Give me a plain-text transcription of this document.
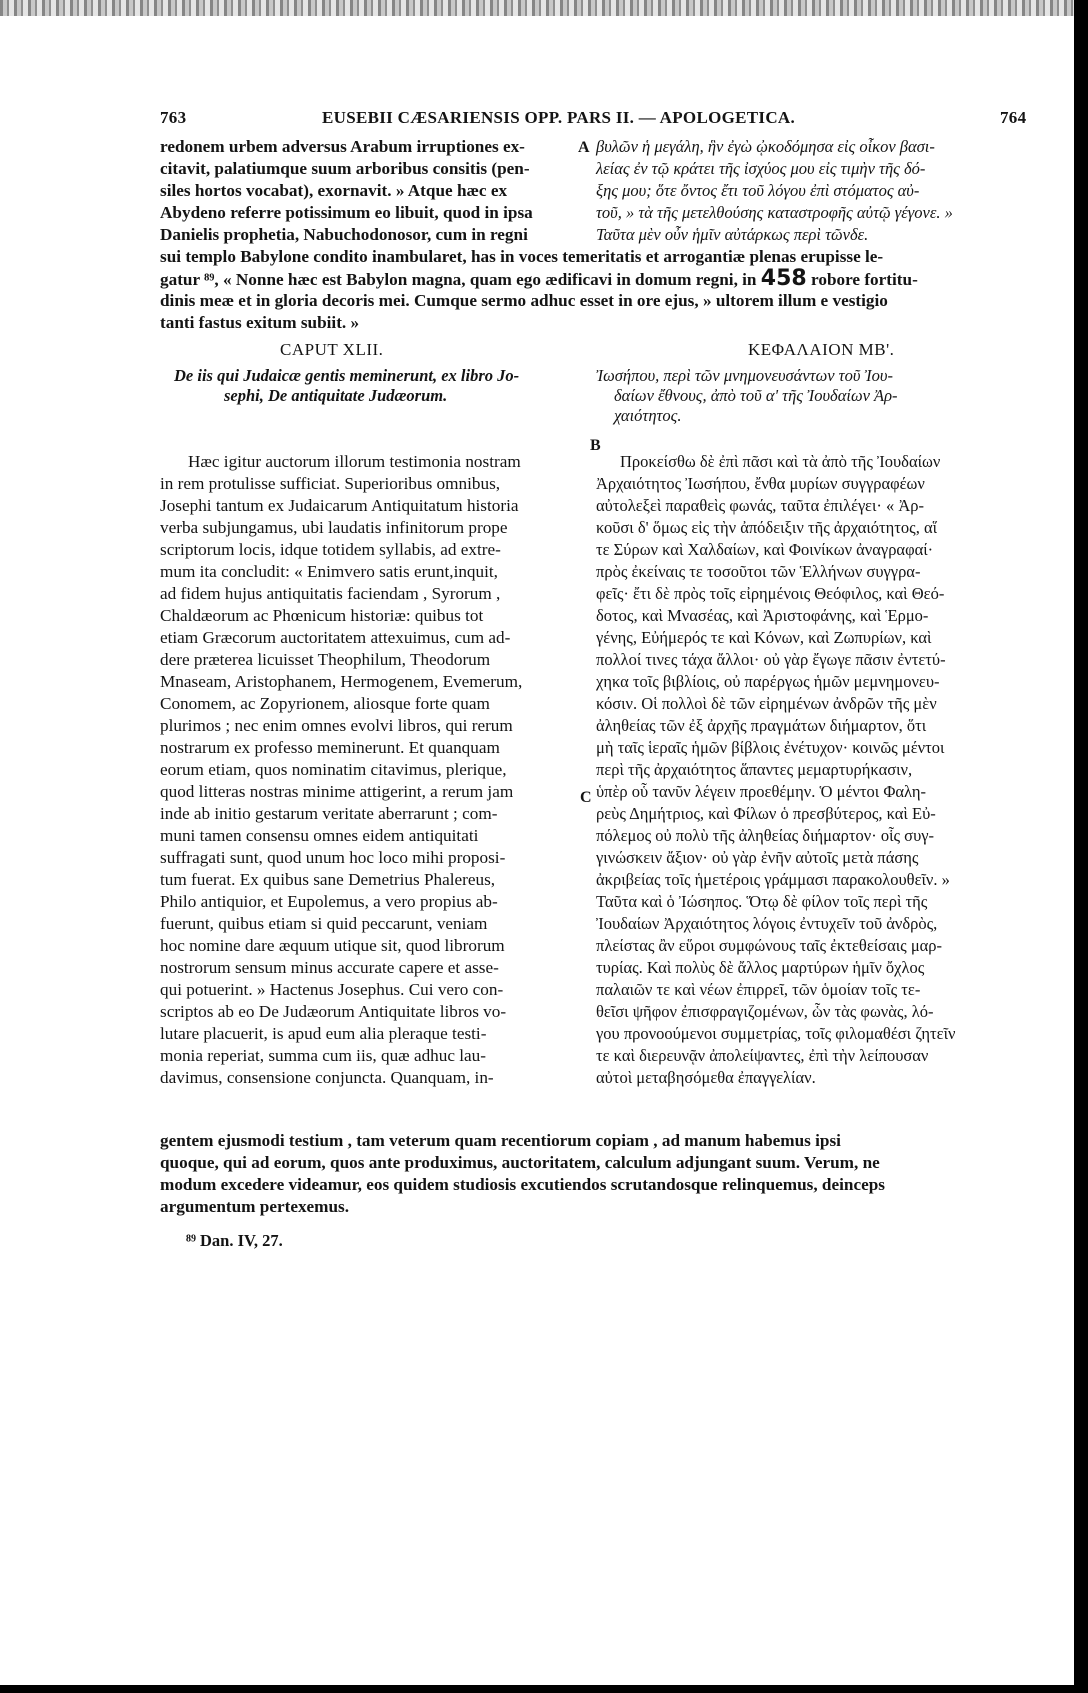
763	EUSEBII CÆSARIENSIS OPP. PARS II. — APOLOGETICA.	764
redonem urbem adversus Arabum irruptiones ex-
citavit, palatiumque suum arboribus consitis (pen-
siles hortos vocabat), exornavit. » Atque hæc ex
Abydeno referre potissimum eo libuit, quod in ipsa
Danielis prophetia, Nabuchodonosor, cum in regni
A βυλῶν ἡ μεγάλη, ἣν ἐγὼ ᾠκοδόμησα εἰς οἶκον βασι-
λείας ἐν τῷ κράτει τῆς ἰσχύος μου εἰς τιμὴν τῆς δό-
ξης μου; ὅτε ὄντος ἔτι τοῦ λόγου ἐπὶ στόματος αὐ-
τοῦ, » τὰ τῆς μετελθούσης καταστροφῆς αὐτῷ γέγονε. »
Ταῦτα μὲν οὖν ἡμῖν αὐτάρκως περὶ τῶνδε.
sui templo Babylone condito inambularet, has in voces temeritatis et arrogantiæ plenas erupisse le-
gatur ⁸⁹, « Nonne hæc est Babylon magna, quam ego ædificavi in domum regni, in 458 robore fortitu-
dinis meæ et in gloria decoris mei. Cumque sermo adhuc esset in ore ejus, » ultorem illum e vestigio
tanti fastus exitum subiit. »
CAPUT XLII.	ΚΕΦΑΛΑΙΟΝ ΜΒ'.
De iis qui Judaicæ gentis meminerunt, ex libro Jo-
sephi, De antiquitate Judæorum.
Ἰωσήπου, περὶ τῶν μνημονευσάντων τοῦ Ἰου-
δαίων ἔθνους, ἀπὸ τοῦ α' τῆς Ἰουδαίων Ἀρ-
χαιότητος.
B
Hæc igitur auctorum illorum testimonia nostram
in rem protulisse sufficiat. Superioribus omnibus,
Josephi tantum ex Judaicarum Antiquitatum historia
verba subjungamus, ubi laudatis infinitorum prope
scriptorum locis, idque totidem syllabis, ad extre-
mum ita concludit: « Enimvero satis erunt,inquit,
ad fidem hujus antiquitatis faciendam , Syrorum ,
Chaldæorum ac Phœnicum historiæ: quibus tot
etiam Græcorum auctoritatem attexuimus, cum ad-
dere præterea licuisset Theophilum, Theodorum
Mnaseam, Aristophanem, Hermogenem, Evemerum,
Conomem, ac Zopyrionem, aliosque forte quam
plurimos ; nec enim omnes evolvi libros, qui rerum
nostrarum ex professo meminerunt. Et quanquam
eorum etiam, quos nominatim citavimus, plerique,
quod litteras nostras minime attigerint, a rerum jam
inde ab initio gestarum veritate aberrarunt ; com-
muni tamen consensu omnes eidem antiquitati
suffragati sunt, quod unum hoc loco mihi proposi-
tum fuerat. Ex quibus sane Demetrius Phalereus,
Philo antiquior, et Eupolemus, a vero propius ab-
fuerunt, quibus etiam si quid peccarunt, veniam
hoc nomine dare æquum utique sit, quod librorum
nostrorum sensum minus accurate capere et asse-
qui potuerint. » Hactenus Josephus. Cui vero con-
scriptos ab eo De Judæorum Antiquitate libros vo-
lutare placuerit, is apud eum alia pleraque testi-
monia reperiat, summa cum iis, quæ adhuc lau-
davimus, consensione conjuncta. Quanquam, in-
C
Προκείσθω δὲ ἐπὶ πᾶσι καὶ τὰ ἀπὸ τῆς Ἰουδαίων
Ἀρχαιότητος Ἰωσήπου, ἔνθα μυρίων συγγραφέων
αὐτολεξεὶ παραθεὶς φωνάς, ταῦτα ἐπιλέγει· « Ἀρ-
κοῦσι δ' ὅμως εἰς τὴν ἀπόδειξιν τῆς ἀρχαιότητος, αἵ
τε Σύρων καὶ Χαλδαίων, καὶ Φοινίκων ἀναγραφαί·
πρὸς ἐκείναις τε τοσοῦτοι τῶν Ἑλλήνων συγγρα-
φεῖς· ἔτι δὲ πρὸς τοῖς εἰρημένοις Θεόφιλος, καὶ Θεό-
δοτος, καὶ Μνασέας, καὶ Ἀριστοφάνης, καὶ Ἑρμο-
γένης, Εὐήμερός τε καὶ Κόνων, καὶ Ζωπυρίων, καὶ
πολλοί τινες τάχα ἄλλοι· οὐ γὰρ ἔγωγε πᾶσιν ἐντετύ-
χηκα τοῖς βιβλίοις, οὐ παρέργως ἡμῶν μεμνημονευ-
κόσιν. Οἱ πολλοὶ δὲ τῶν εἰρημένων ἀνδρῶν τῆς μὲν
ἀληθείας τῶν ἐξ ἀρχῆς πραγμάτων διήμαρτον, ὅτι
μὴ ταῖς ἱεραῖς ἡμῶν βίβλοις ἐνέτυχον· κοινῶς μέντοι
περὶ τῆς ἀρχαιότητος ἅπαντες μεμαρτυρήκασιν,
ὑπὲρ οὗ τανῦν λέγειν προεθέμην. Ὁ μέντοι Φαλη-
ρεὺς Δημήτριος, καὶ Φίλων ὁ πρεσβύτερος, καὶ Εὐ-
πόλεμος οὐ πολὺ τῆς ἀληθείας διήμαρτον· οἷς συγ-
γινώσκειν ἄξιον· οὐ γὰρ ἐνῆν αὐτοῖς μετὰ πάσης
ἀκριβείας τοῖς ἡμετέροις γράμμασι παρακολουθεῖν. »
Ταῦτα καὶ ὁ Ἰώσηπος. Ὅτῳ δὲ φίλον τοῖς περὶ τῆς
Ἰουδαίων Ἀρχαιότητος λόγοις ἐντυχεῖν τοῦ ἀνδρὸς,
πλείστας ἂν εὕροι συμφώνους ταῖς ἐκτεθείσαις μαρ-
τυρίας. Καὶ πολὺς δὲ ἄλλος μαρτύρων ἡμῖν ὄχλος
παλαιῶν τε καὶ νέων ἐπιρρεῖ, τῶν ὁμοίαν τοῖς τε-
θεῖσι ψῆφον ἐπισφραγιζομένων, ὧν τὰς φωνὰς, λό-
γου προνοούμενοι συμμετρίας, τοῖς φιλομαθέσι ζητεῖν
τε καὶ διερευνᾷν ἀπολείψαντες, ἐπὶ τὴν λείπουσαν
αὐτοὶ μεταβησόμεθα ἐπαγγελίαν.
gentem ejusmodi testium , tam veterum quam recentiorum copiam , ad manum habemus ipsi
quoque, qui ad eorum, quos ante produximus, auctoritatem, calculum adjungant suum. Verum, ne
modum excedere videamur, eos quidem studiosis excutiendos scrutandosque relinquemus, deinceps
argumentum pertexemus.
⁸⁹ Dan. IV, 27.
